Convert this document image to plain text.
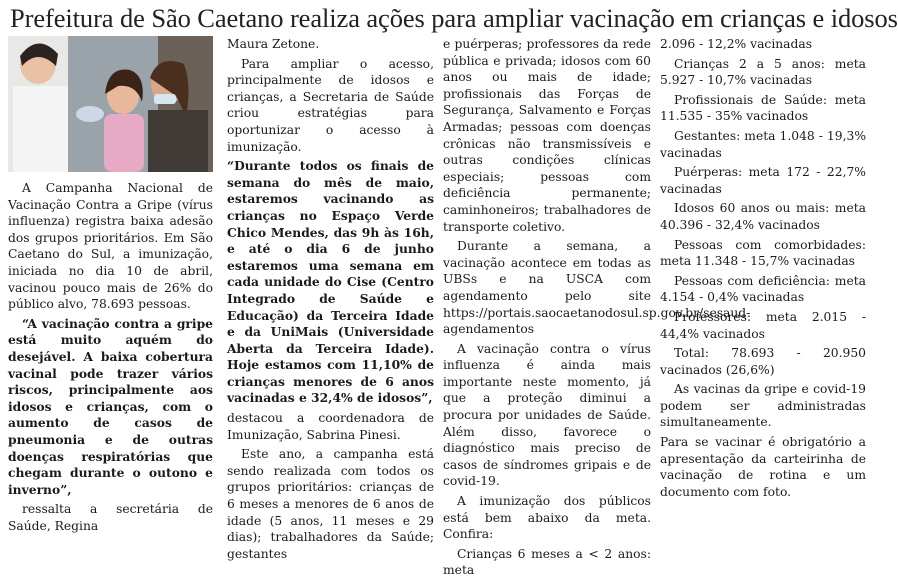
Prefeitura de São Caetano realiza ações para ampliar vacinação em crianças e idosos

A Campanha Nacional de Vacinação Contra a Gripe (vírus influenza) registra baixa adesão dos grupos prioritários. Em São Caetano do Sul, a imunização, iniciada no dia 10 de abril, vacinou pouco mais de 26% do público alvo, 78.693 pessoas.

“A vacinação contra a gripe está muito aquém do desejável. A baixa cobertura vacinal pode trazer vários riscos, principalmente aos idosos e crianças, com o aumento de casos de pneumonia e de outras doenças respiratórias que chegam durante o outono e inverno”,

ressalta a secretária de Saúde, Regina

Maura Zetone.

Para ampliar o acesso, principalmente de idosos e crianças, a Secretaria de Saúde criou estratégias para oportunizar o acesso à imunização.

“Durante todos os finais de semana do mês de maio, estaremos vacinando as crianças no Espaço Verde Chico Mendes, das 9h às 16h, e até o dia 6 de junho estaremos uma semana em cada unidade do Cise (Centro Integrado de Saúde e Educação) da Terceira Idade e da UniMais (Universidade Aberta da Terceira Idade). Hoje estamos com 11,10% de crianças menores de 6 anos vacinadas e 32,4% de idosos”,

destacou a coordenadora de Imunização, Sabrina Pinesi.

Este ano, a campanha está sendo realizada com todos os grupos prioritários: crianças de 6 meses a menores de 6 anos de idade (5 anos, 11 meses e 29 dias); trabalhadores da Saúde; gestantes

e puérperas; professores da rede pública e privada; idosos com 60 anos ou mais de idade; profissionais das Forças de Segurança, Salvamento e Forças Armadas; pessoas com doenças crônicas não transmissíveis e outras condições clínicas especiais; pessoas com deficiência permanente; caminhoneiros; trabalhadores de transporte coletivo.

Durante a semana, a vacinação acontece em todas as UBSs e na USCA com agendamento pelo site https://portais.saocaetanodosul.sp.gov.br/sesaud-agendamentos

A vacinação contra o vírus influenza é ainda mais importante neste momento, já que a proteção diminui a procura por unidades de Saúde. Além disso, favorece o diagnóstico mais preciso de casos de síndromes gripais e de covid-19.

A imunização dos públicos está bem abaixo da meta. Confira:

Crianças 6 meses a < 2 anos: meta

2.096 - 12,2% vacinadas

Crianças 2 a 5 anos: meta 5.927 - 10,7% vacinadas

Profissionais de Saúde: meta 11.535 - 35% vacinados

Gestantes: meta 1.048 - 19,3% vacinadas

Puérperas: meta 172 - 22,7% vacinadas

Idosos 60 anos ou mais: meta 40.396 - 32,4% vacinados

Pessoas com comorbidades: meta 11.348 - 15,7% vacinadas

Pessoas com deficiência: meta 4.154 - 0,4% vacinadas

Professores: meta 2.015 - 44,4% vacinados

Total: 78.693 - 20.950 vacinados (26,6%)

As vacinas da gripe e covid-19 podem ser administradas simultaneamente.

Para se vacinar é obrigatório a apresentação da carteirinha de vacinação de rotina e um documento com foto.
